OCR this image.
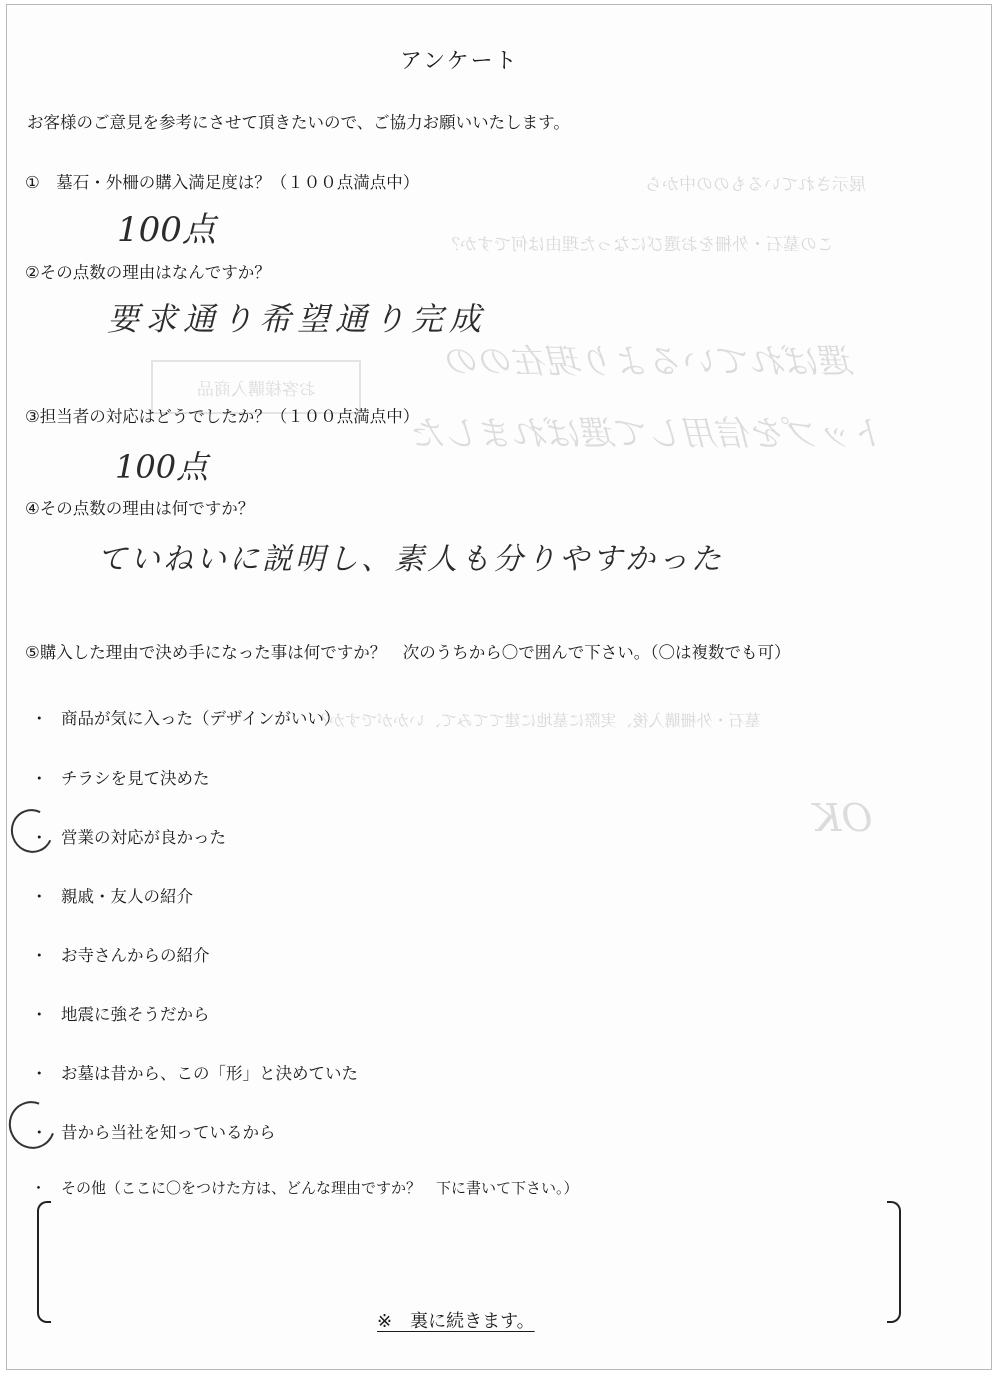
展示されているものの中から
この墓石・外柵をお選びになった理由は何ですか？
お客様購入商品
選ばれているより現在のの
トップを信用して選ばれました
墓石・外柵購入後、実際に墓地に建ててみて、いかがですか？
OK
アンケート
お客様のご意見を参考にさせて頂きたいので、ご協力お願いいたします。
①　墓石・外柵の購入満足度は？（１００点満点中）
100点
②その点数の理由はなんですか？
要求通り希望通り完成
③担当者の対応はどうでしたか？（１００点満点中）
100点
④その点数の理由は何ですか？
ていねいに説明し、素人も分りやすかった
⑤購入した理由で決め手になった事は何ですか？　次のうちから〇で囲んで下さい。（〇は複数でも可）
・ 商品が気に入った（デザインがいい）
・ チラシを見て決めた
・ 営業の対応が良かった
・ 親戚・友人の紹介
・ お寺さんからの紹介
・ 地震に強そうだから
・ お墓は昔から、この「形」と決めていた
・ 昔から当社を知っているから
・ その他（ここに〇をつけた方は、どんな理由ですか？　下に書いて下さい。）
※　裏に続きます。
